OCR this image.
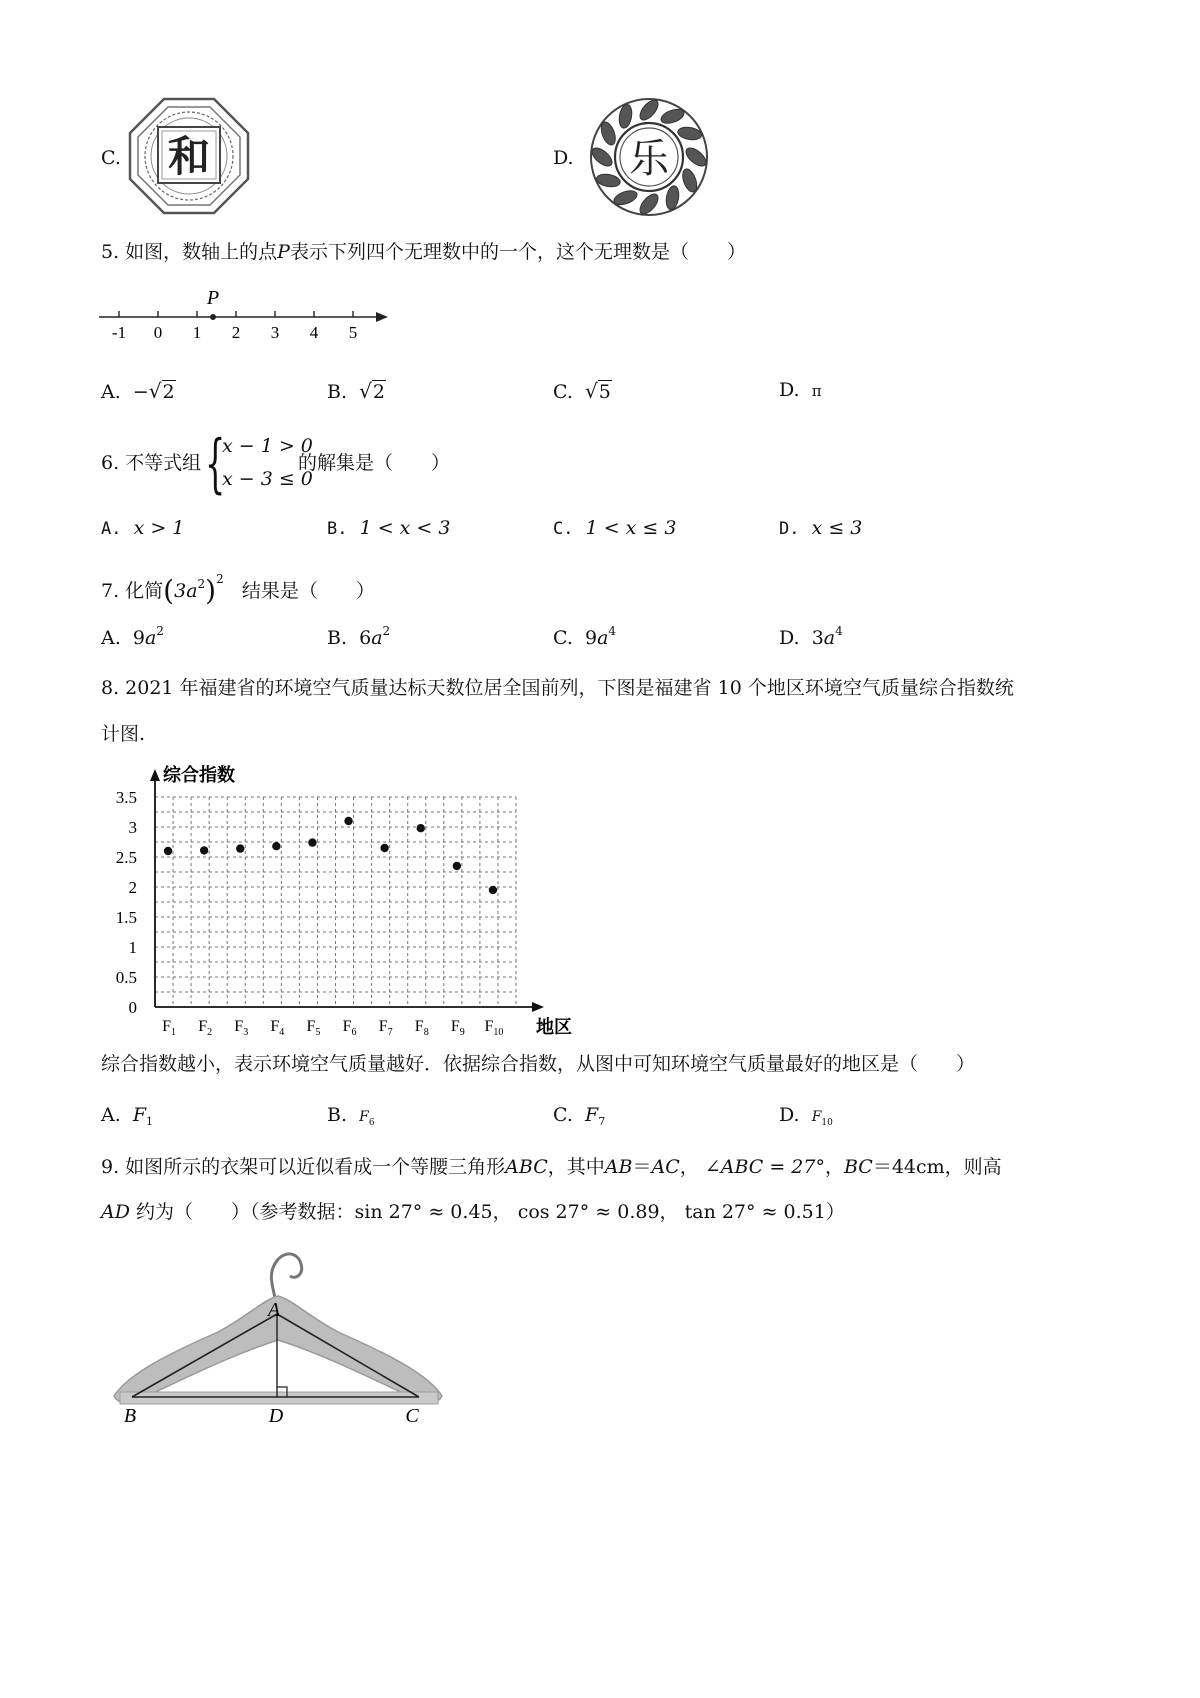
C. 和	D. 乐
5. 如图，数轴上的点P表示下列四个无理数中的一个，这个无理数是（　　）
-1 0 1 2 3 4 5
P
A. −√2	B. √2	C. √5	D. π
6. 不等式组 {
x − 1 > 0
x − 3 ≤ 0
的解集是（　　）
A. x > 1	B. 1 < x < 3	C. 1 < x ≤ 3	D. x ≤ 3
7. 化简$(3a^2)^2$   结果是（　　）
A. $9a^2$	B. $6a^2$	C. $9a^4$	D. $3a^4$
8. 2021 年福建省的环境空气质量达标天数位居全国前列，下图是福建省 10 个地区环境空气质量综合指数统
计图.
0
0.5
1
1.5
2
2.5
3
3.5
$F_1$ $F_2$ $F_3$ $F_4$ $F_5$ $F_6$ $F_7$ $F_8$ $F_9$ $F_{10}$
综合指数
地区
综合指数越小，表示环境空气质量越好．依据综合指数，从图中可知环境空气质量最好的地区是（　　）
A. $F_1$	B. $F_6$	C. $F_7$	D. $F_{10}$
9. 如图所示的衣架可以近似看成一个等腰三角形ABC，其中AB＝AC， ∠ABC = 27°，BC＝44cm，则高
AD 约为（　　）（参考数据：sin 27° ≈ 0.45， cos 27° ≈ 0.89， tan 27° ≈ 0.51）
A
B	D	C
